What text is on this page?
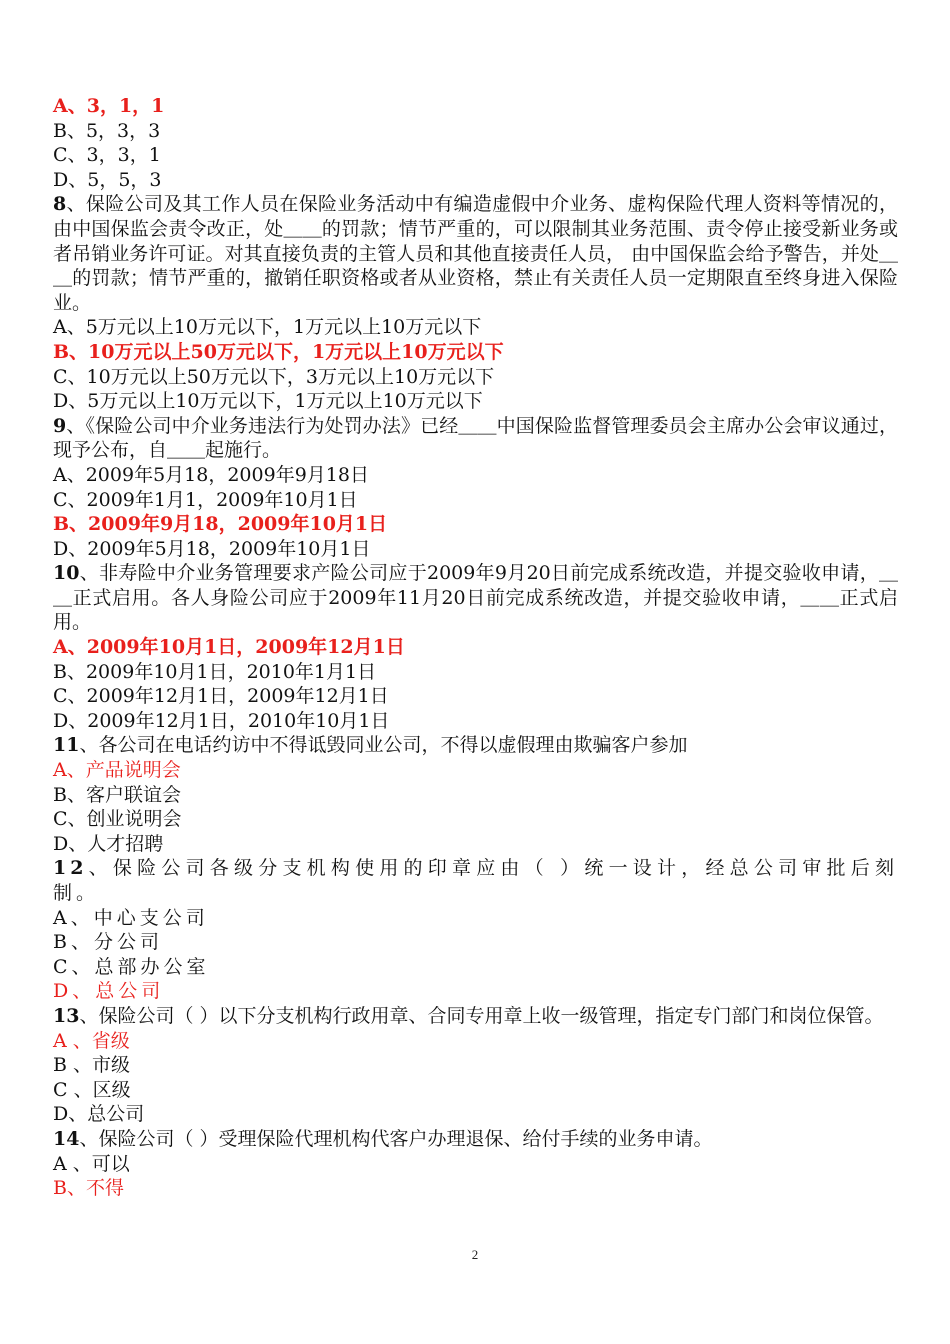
A、3，1，1
B、5，3，3
C、3，3，1
D、5，5，3
8、保险公司及其工作人员在保险业务活动中有编造虚假中介业务、虚构保险代理人资料等情况的，由中国保监会责令改正，处＿＿的罚款；情节严重的，可以限制其业务范围、责令停止接受新业务或者吊销业务许可证。对其直接负责的主管人员和其他直接责任人员， 由中国保监会给予警告，并处＿＿的罚款；情节严重的，撤销任职资格或者从业资格，禁止有关责任人员一定期限直至终身进入保险业。
A、5万元以上10万元以下，1万元以上10万元以下
B、10万元以上50万元以下，1万元以上10万元以下
C、10万元以上50万元以下，3万元以上10万元以下
D、5万元以上10万元以下，1万元以上10万元以下
9、《保险公司中介业务违法行为处罚办法》已经＿＿中国保险监督管理委员会主席办公会审议通过，现予公布，自＿＿起施行。
A、2009年5月18，2009年9月18日
C、2009年1月1，2009年10月1日
B、2009年9月18，2009年10月1日
D、2009年5月18，2009年10月1日
10、非寿险中介业务管理要求产险公司应于2009年9月20日前完成系统改造，并提交验收申请，＿＿正式启用。各人身险公司应于2009年11月20日前完成系统改造，并提交验收申请，＿＿正式启用。
A、2009年10月1日，2009年12月1日
B、2009年10月1日，2010年1月1日
C、2009年12月1日，2009年12月1日
D、2009年12月1日，2010年10月1日
11、各公司在电话约访中不得诋毁同业公司，不得以虚假理由欺骗客户参加
A、产品说明会
B、客户联谊会
C、创业说明会
D、人才招聘
12、保险公司各级分支机构使用的印章应由（ ）统一设计，经总公司审批后刻制。
A、中心支公司
B、分公司
C、总部办公室
D、总公司
13、保险公司（ ）以下分支机构行政用章、合同专用章上收一级管理，指定专门部门和岗位保管。
A 、省级
B 、市级
C 、区级
D、总公司
14、保险公司（ ）受理保险代理机构代客户办理退保、给付手续的业务申请。
A 、可以
B、不得
2
